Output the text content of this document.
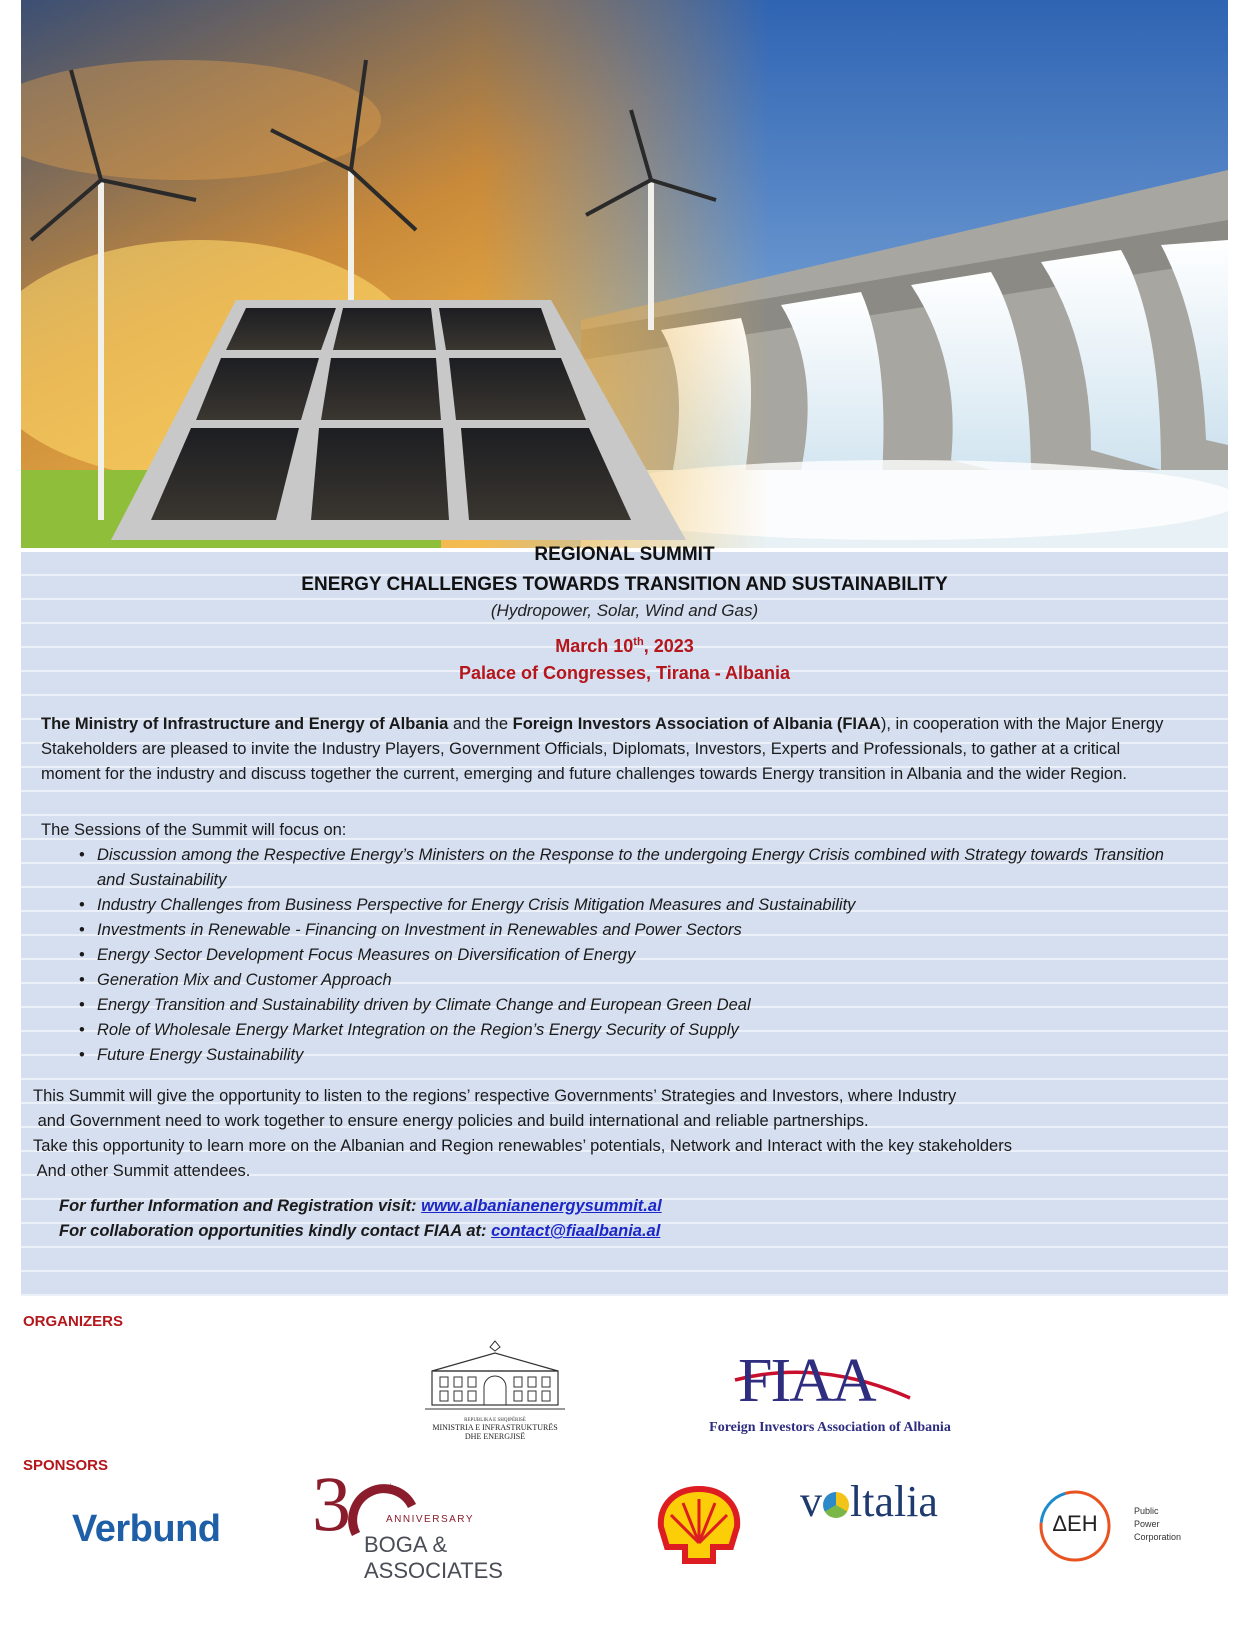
REGIONAL SUMMIT
ENERGY CHALLENGES TOWARDS TRANSITION AND SUSTAINABILITY
(Hydropower, Solar, Wind and Gas)
March 10th, 2023
Palace of Congresses, Tirana - Albania
The Ministry of Infrastructure and Energy of Albania and the Foreign Investors Association of Albania (FIAA), in cooperation with the Major Energy Stakeholders are pleased to invite the Industry Players, Government Officials, Diplomats, Investors, Experts and Professionals, to gather at a critical moment for the industry and discuss together the current, emerging and future challenges towards Energy transition in Albania and the wider Region.
The Sessions of the Summit will focus on:
• Discussion among the Respective Energy’s Ministers on the Response to the undergoing Energy Crisis combined with Strategy towards Transition and Sustainability
• Industry Challenges from Business Perspective for Energy Crisis Mitigation Measures and Sustainability
• Investments in Renewable - Financing on Investment in Renewables and Power Sectors
• Energy Sector Development Focus Measures on Diversification of Energy
• Generation Mix and Customer Approach
• Energy Transition and Sustainability driven by Climate Change and European Green Deal
• Role of Wholesale Energy Market Integration on the Region’s Energy Security of Supply
• Future Energy Sustainability
This Summit will give the opportunity to listen to the regions’ respective Governments’ Strategies and Investors, where Industry
and Government need to work together to ensure energy policies and build international and reliable partnerships.
Take this opportunity to learn more on the Albanian and Region renewables’ potentials, Network and Interact with the key stakeholders
And other Summit attendees.
For further Information and Registration visit: www.albanianenergysummit.al
For collaboration opportunities kindly contact FIAA at: contact@fiaalbania.al
ORGANIZERS
REPUBLIKA E SHQIPËRISË
MINISTRIA E INFRASTRUKTURËS
DHE ENERGJISË
FIAA
Foreign Investors Association of Albania
SPONSORS
Verbund 3	th
ANNIVERSARY
BOGA & ASSOCIATES
v ltalia	ΔΕΗ	Public
Power
Corporation
